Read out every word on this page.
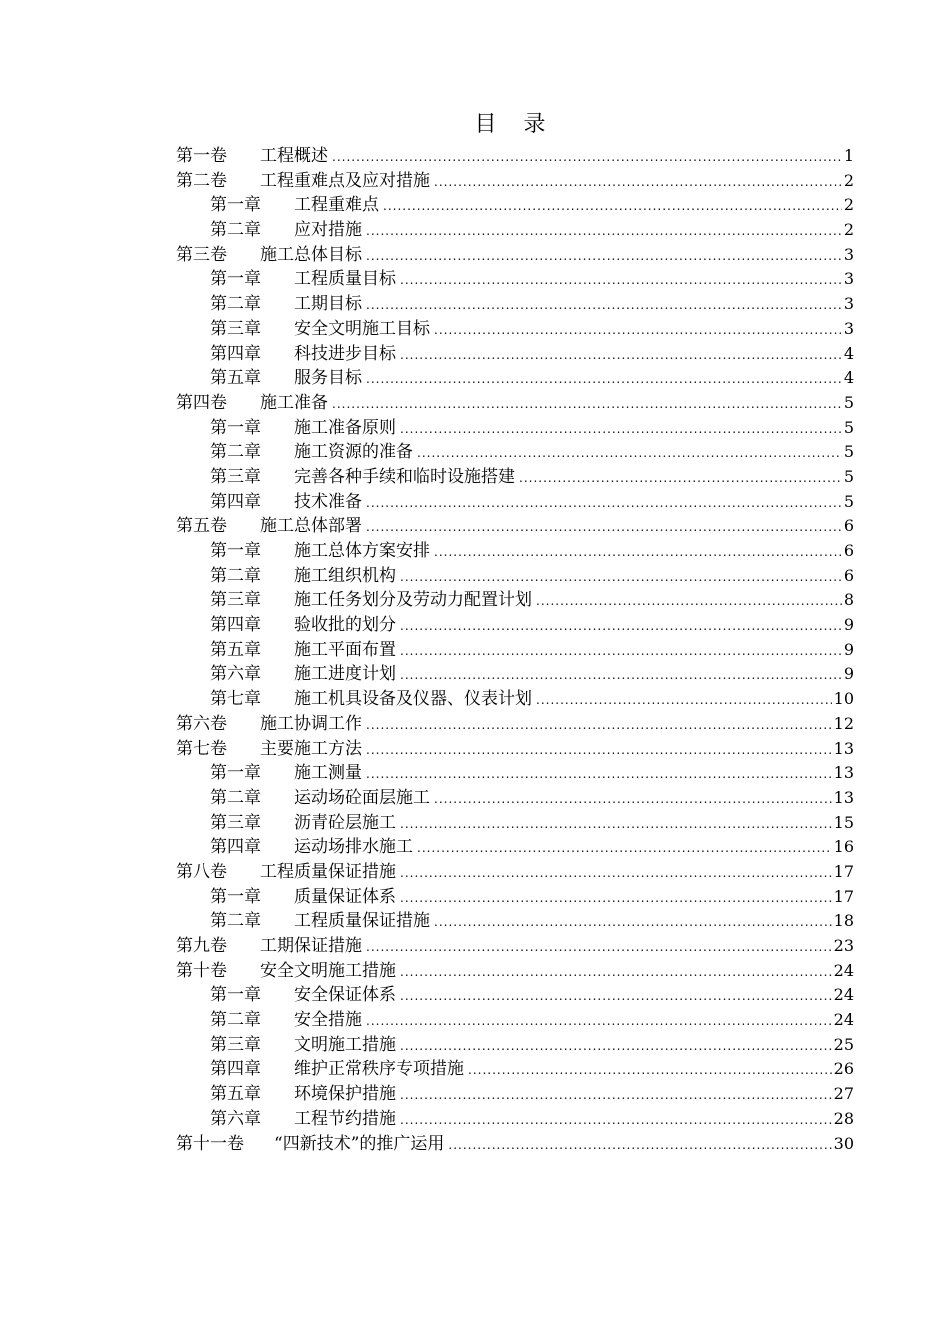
目 录
第一卷	工程概述 .....	1
第二卷	工程重难点及应对措施 .....	2
第一章	工程重难点 .....	2
第二章	应对措施 .....	2
第三卷	施工总体目标 .....	3
第一章	工程质量目标 .....	3
第二章	工期目标 .....	3
第三章	安全文明施工目标 .....	3
第四章	科技进步目标 .....	4
第五章	服务目标 .....	4
第四卷	施工准备 .....	5
第一章	施工准备原则 .....	5
第二章	施工资源的准备 .....	5
第三章	完善各种手续和临时设施搭建 .....	5
第四章	技术准备 .....	5
第五卷	施工总体部署 .....	6
第一章	施工总体方案安排 .....	6
第二章	施工组织机构 .....	6
第三章	施工任务划分及劳动力配置计划 .....	8
第四章	验收批的划分 .....	9
第五章	施工平面布置 .....	9
第六章	施工进度计划 .....	9
第七章	施工机具设备及仪器、仪表计划 .....	10
第六卷	施工协调工作 .....	12
第七卷	主要施工方法 .....	13
第一章	施工测量 .....	13
第二章	运动场砼面层施工 .....	13
第三章	沥青砼层施工 .....	15
第四章	运动场排水施工 .....	16
第八卷	工程质量保证措施 .....	17
第一章	质量保证体系 .....	17
第二章	工程质量保证措施 .....	18
第九卷	工期保证措施 .....	23
第十卷	安全文明施工措施 .....	24
第一章	安全保证体系 .....	24
第二章	安全措施 .....	24
第三章	文明施工措施 .....	25
第四章	维护正常秩序专项措施 .....	26
第五章	环境保护措施 .....	27
第六章	工程节约措施 .....	28
第十一卷	“四新技术”的推广运用 .....	30
